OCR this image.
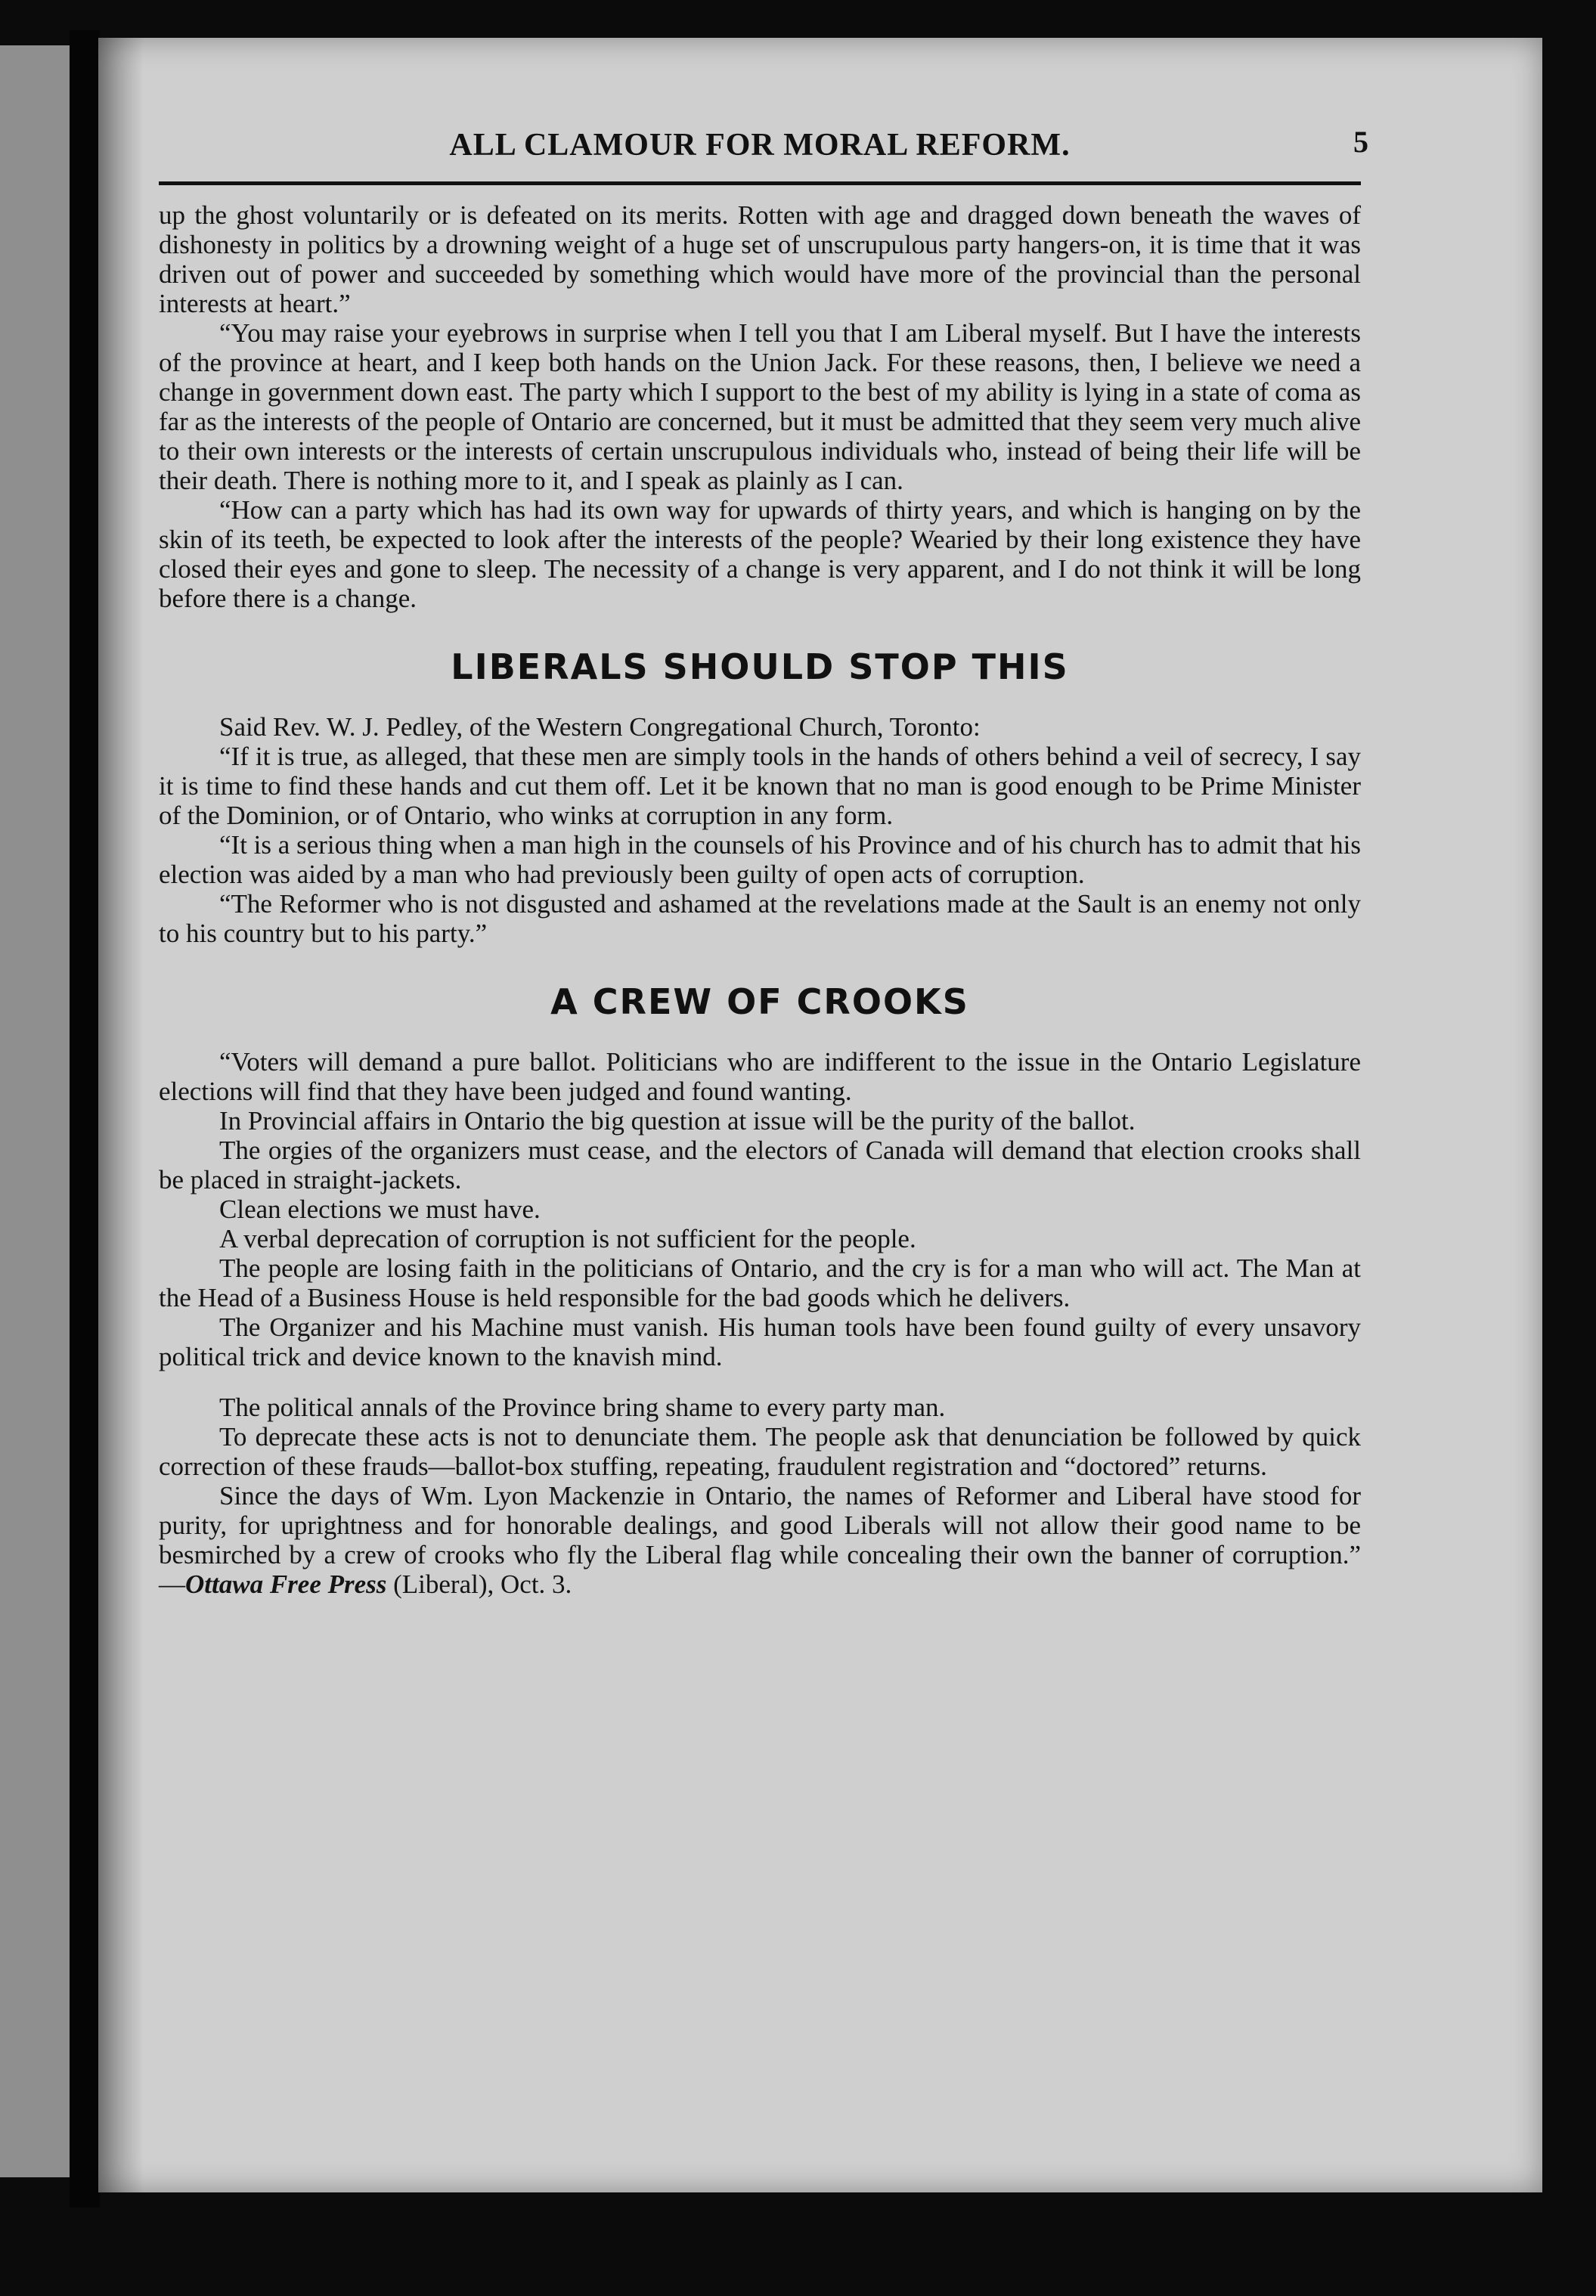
ALL CLAMOUR FOR MORAL REFORM.	5

up the ghost voluntarily or is defeated on its merits. Rotten with age and dragged down beneath the waves of dishonesty in politics by a drowning weight of a huge set of unscrupulous party hangers-on, it is time that it was driven out of power and succeeded by something which would have more of the provincial than the personal interests at heart.”

“You may raise your eyebrows in surprise when I tell you that I am Liberal myself. But I have the interests of the province at heart, and I keep both hands on the Union Jack. For these reasons, then, I believe we need a change in government down east. The party which I support to the best of my ability is lying in a state of coma as far as the interests of the people of Ontario are concerned, but it must be admitted that they seem very much alive to their own interests or the interests of certain unscrupulous individuals who, instead of being their life will be their death. There is nothing more to it, and I speak as plainly as I can.

“How can a party which has had its own way for upwards of thirty years, and which is hanging on by the skin of its teeth, be expected to look after the interests of the people? Wearied by their long existence they have closed their eyes and gone to sleep. The necessity of a change is very apparent, and I do not think it will be long before there is a change.

LIBERALS SHOULD STOP THIS

Said Rev. W. J. Pedley, of the Western Congregational Church, Toronto:

“If it is true, as alleged, that these men are simply tools in the hands of others behind a veil of secrecy, I say it is time to find these hands and cut them off. Let it be known that no man is good enough to be Prime Minister of the Dominion, or of Ontario, who winks at corruption in any form.

“It is a serious thing when a man high in the counsels of his Province and of his church has to admit that his election was aided by a man who had previously been guilty of open acts of corruption.

“The Reformer who is not disgusted and ashamed at the revelations made at the Sault is an enemy not only to his country but to his party.”

A CREW OF CROOKS

“Voters will demand a pure ballot. Politicians who are indifferent to the issue in the Ontario Legislature elections will find that they have been judged and found wanting.

In Provincial affairs in Ontario the big question at issue will be the purity of the ballot.

The orgies of the organizers must cease, and the electors of Canada will demand that election crooks shall be placed in straight-jackets.

Clean elections we must have.

A verbal deprecation of corruption is not sufficient for the people.

The people are losing faith in the politicians of Ontario, and the cry is for a man who will act. The Man at the Head of a Business House is held responsible for the bad goods which he delivers.

The Organizer and his Machine must vanish. His human tools have been found guilty of every unsavory political trick and device known to the knavish mind.

The political annals of the Province bring shame to every party man.

To deprecate these acts is not to denunciate them. The people ask that denunciation be followed by quick correction of these frauds—ballot-box stuffing, repeating, fraudulent registration and “doctored” returns.

Since the days of Wm. Lyon Mackenzie in Ontario, the names of Reformer and Liberal have stood for purity, for uprightness and for honorable dealings, and good Liberals will not allow their good name to be besmirched by a crew of crooks who fly the Liberal flag while concealing their own the banner of corruption.” —Ottawa Free Press (Liberal), Oct. 3.
